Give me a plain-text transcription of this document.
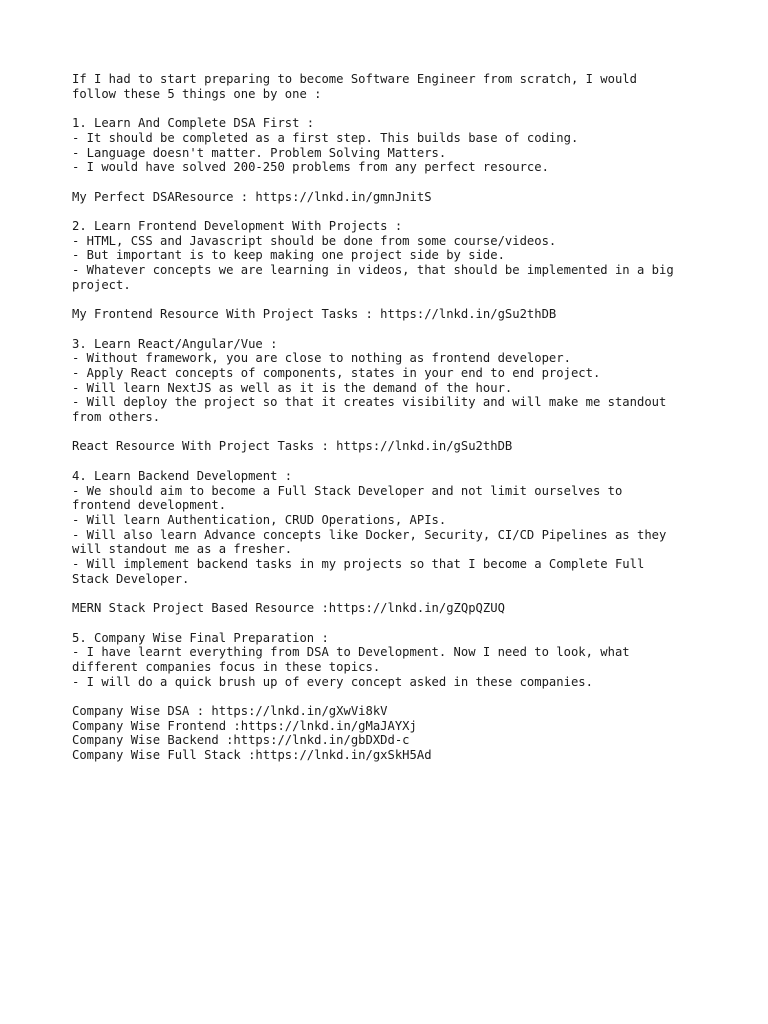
If I had to start preparing to become Software Engineer from scratch, I would
follow these 5 things one by one :
1. Learn And Complete DSA First :
- It should be completed as a first step. This builds base of coding.
- Language doesn't matter. Problem Solving Matters.
- I would have solved 200-250 problems from any perfect resource.
My Perfect DSAResource : https://lnkd.in/gmnJnitS
2. Learn Frontend Development With Projects :
- HTML, CSS and Javascript should be done from some course/videos.
- But important is to keep making one project side by side.
- Whatever concepts we are learning in videos, that should be implemented in a big
project.
My Frontend Resource With Project Tasks : https://lnkd.in/gSu2thDB
3. Learn React/Angular/Vue :
- Without framework, you are close to nothing as frontend developer.
- Apply React concepts of components, states in your end to end project.
- Will learn NextJS as well as it is the demand of the hour.
- Will deploy the project so that it creates visibility and will make me standout
from others.
React Resource With Project Tasks : https://lnkd.in/gSu2thDB
4. Learn Backend Development :
- We should aim to become a Full Stack Developer and not limit ourselves to
frontend development.
- Will learn Authentication, CRUD Operations, APIs.
- Will also learn Advance concepts like Docker, Security, CI/CD Pipelines as they
will standout me as a fresher.
- Will implement backend tasks in my projects so that I become a Complete Full
Stack Developer.
MERN Stack Project Based Resource :https://lnkd.in/gZQpQZUQ
5. Company Wise Final Preparation :
- I have learnt everything from DSA to Development. Now I need to look, what
different companies focus in these topics.
- I will do a quick brush up of every concept asked in these companies.
Company Wise DSA : https://lnkd.in/gXwVi8kV
Company Wise Frontend :https://lnkd.in/gMaJAYXj
Company Wise Backend :https://lnkd.in/gbDXDd-c
Company Wise Full Stack :https://lnkd.in/gxSkH5Ad
